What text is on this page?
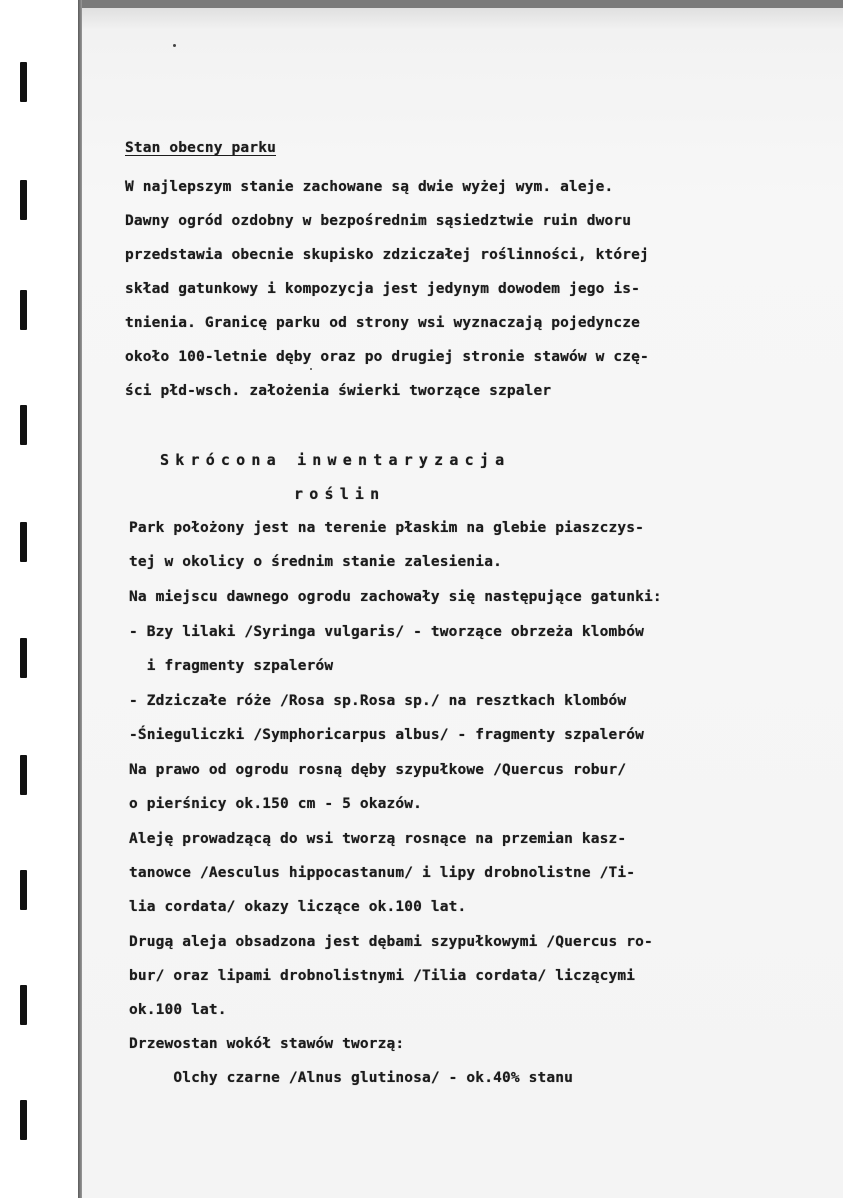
Stan obecny parku
W najlepszym stanie zachowane są dwie wyżej wym. aleje.
Dawny ogród ozdobny w bezpośrednim sąsiedztwie ruin dworu
przedstawia obecnie skupisko zdziczałej roślinności, której
skład gatunkowy i kompozycja jest jedynym dowodem jego is-
tnienia. Granicę parku od strony wsi wyznaczają pojedyncze
około 100-letnie dęby oraz po drugiej stronie stawów w czę-
ści płd-wsch. założenia świerki tworzące szpaler
Skrócona inwentaryzacja
roślin
Park położony jest na terenie płaskim na glebie piaszczys-
tej w okolicy o średnim stanie zalesienia.
Na miejscu dawnego ogrodu zachowały się następujące gatunki:
- Bzy lilaki /Syringa vulgaris/ - tworzące obrzeża klombów
i fragmenty szpalerów
- Zdziczałe róże /Rosa sp.Rosa sp./ na resztkach klombów
-Śnieguliczki /Symphoricarpus albus/ - fragmenty szpalerów
Na prawo od ogrodu rosną dęby szypułkowe /Quercus robur/
o pierśnicy ok.150 cm - 5 okazów.
Aleję prowadzącą do wsi tworzą rosnące na przemian kasz-
tanowce /Aesculus hippocastanum/ i lipy drobnolistne /Ti-
lia cordata/ okazy liczące ok.100 lat.
Drugą aleja obsadzona jest dębami szypułkowymi /Quercus ro-
bur/ oraz lipami drobnolistnymi /Tilia cordata/ liczącymi
ok.100 lat.
Drzewostan wokół stawów tworzą:
Olchy czarne /Alnus glutinosa/ - ok.40% stanu
